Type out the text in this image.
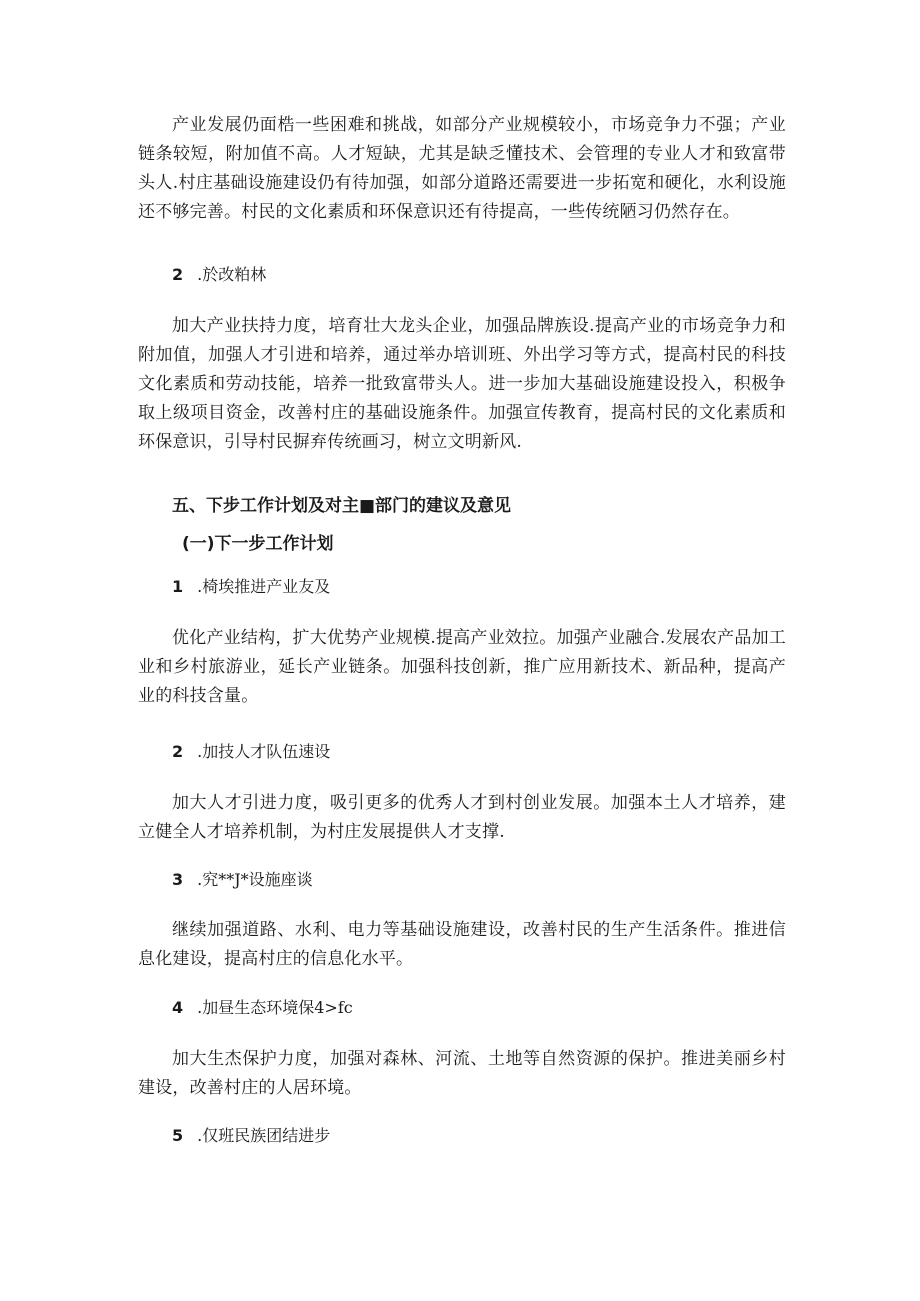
产业发展仍面梏一些困难和挑战，如部分产业规模较小，市场竞争力不强；产业链条较短，附加值不高。人才短缺，尤其是缺乏懂技术、会管理的专业人才和致富带头人.村庄基础设施建设仍有待加强，如部分道路还需要进一步拓宽和硬化，水利设施还不够完善。村民的文化素质和环保意识还有待提高，一些传统陋习仍然存在。

2 .於改粕林

加大产业扶持力度，培育壮大龙头企业，加强品牌族设.提高产业的市场竞争力和附加值，加强人才引进和培养，通过举办培训班、外出学习等方式，提高村民的科技文化素质和劳动技能，培养一批致富带头人。进一步加大基础设施建设投入，积极争取上级项目资金，改善村庄的基础设施条件。加强宣传教育，提高村民的文化素质和环保意识，引导村民摒弃传统画习，树立文明新风.

五、下步工作计划及对主■部门的建议及意见
(一)下一步工作计划

1 .椅埃推进产业友及

优化产业结构，扩大优势产业规模.提高产业效拉。加强产业融合.发展农产品加工业和乡村旅游业，延长产业链条。加强科技创新，推广应用新技术、新品种，提高产业的科技含量。

2 .加技人才队伍速设

加大人才引进力度，吸引更多的优秀人才到村创业发展。加强本土人才培养，建立健全人才培养机制，为村庄发展提供人才支撑.

3 .究**J*设施座谈

继续加强道路、水利、电力等基础设施建设，改善村民的生产生活条件。推进信息化建设，提高村庄的信息化水平。

4 .加昼生态环境保4>fc

加大生杰保护力度，加强对森林、河流、土地等自然资源的保护。推进美丽乡村建设，改善村庄的人居环境。

5 .仅班民族团结进步
